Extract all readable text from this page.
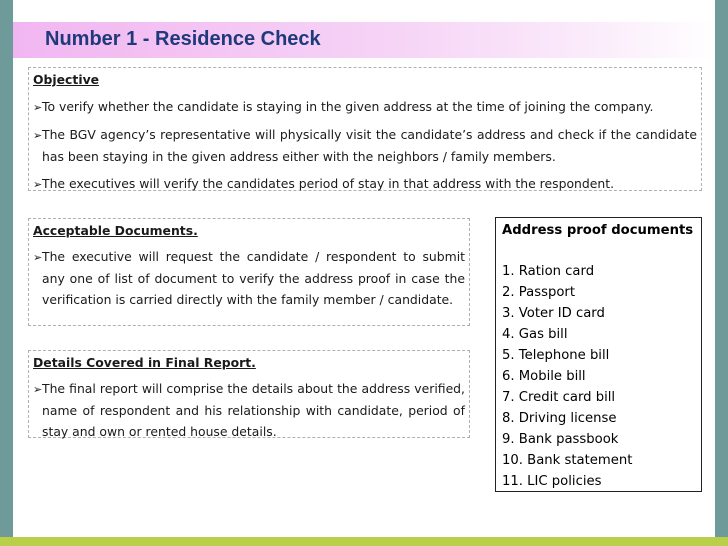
Number 1 - Residence Check

Objective

➢To verify whether the candidate is staying in the given address at the time of joining the company.

➢The BGV agency’s representative will physically visit the candidate’s address and check if the candidate has been staying in the given address either with the neighbors / family members.

➢The executives will verify the candidates period of stay in that address with the respondent.

Acceptable Documents.

➢The executive will request the candidate / respondent to submit any one of list of document to verify the address proof in case the verification is carried directly with the family member / candidate.

Details Covered in Final Report.

➢The final report will comprise the details about the address verified, name of respondent and his relationship with candidate, period of stay and own or rented house details.

Address proof documents

1. Ration card
2. Passport
3. Voter ID card
4. Gas bill
5. Telephone bill
6. Mobile bill
7. Credit card bill
8. Driving license
9. Bank passbook
10. Bank statement
11. LIC policies
